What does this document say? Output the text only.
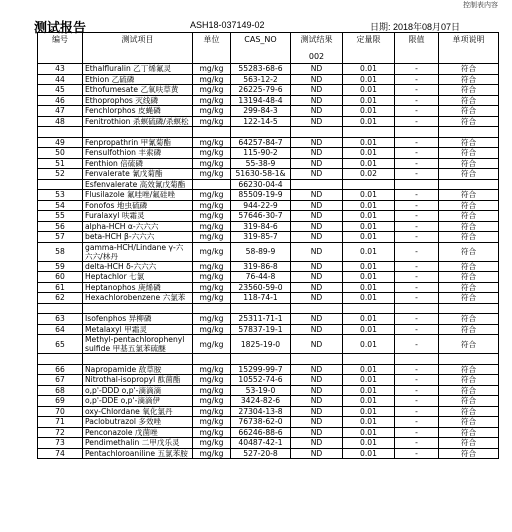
控制表内容
测试报告	ASH18-037149-02	日期: 2018年08月07日
编号	测试项目	单位	CAS_NO	测试结果	定量限	限值	单项说明
				002			
43	Ethalfluralin 乙丁烯氟灵	mg/kg	55283-68-6	ND	0.01	-	符合
44	Ethion 乙硫磷	mg/kg	563-12-2	ND	0.01	-	符合
45	Ethofumesate 乙氧呋草黄	mg/kg	26225-79-6	ND	0.01	-	符合
46	Ethoprophos 灭线磷	mg/kg	13194-48-4	ND	0.01	-	符合
47	Fenchlorphos 皮蝇磷	mg/kg	299-84-3	ND	0.01	-	符合
48	Fenitrothion 杀螟硫磷/杀螟松	mg/kg	122-14-5	ND	0.01	-	符合

49	Fenpropathrin 甲氰菊酯	mg/kg	64257-84-7	ND	0.01	-	符合
50	Fensulfothion 丰索磷	mg/kg	115-90-2	ND	0.01	-	符合
51	Fenthion 倍硫磷	mg/kg	55-38-9	ND	0.01	-	符合
52	Fenvalerate 氰戊菊酯	mg/kg	51630-58-1&	ND	0.02	-	符合
	Esfenvalerate 高效氰戊菊酯		66230-04-4				
53	Flusilazole 氟哇唑/氟硅唑	mg/kg	85509-19-9	ND	0.01	-	符合
54	Fonofos 地虫硫磷	mg/kg	944-22-9	ND	0.01	-	符合
55	Furalaxyl 呋霜灵	mg/kg	57646-30-7	ND	0.01	-	符合
56	alpha-HCH α-六六六	mg/kg	319-84-6	ND	0.01	-	符合
57	beta-HCH β-六六六	mg/kg	319-85-7	ND	0.01	-	符合
58	gamma-HCH/Lindane γ-六六六/林丹	mg/kg	58-89-9	ND	0.01	-	符合
59	delta-HCH δ-六六六	mg/kg	319-86-8	ND	0.01	-	符合
60	Heptachlor 七氯	mg/kg	76-44-8	ND	0.01	-	符合
61	Heptanophos 庚烯磷	mg/kg	23560-59-0	ND	0.01	-	符合
62	Hexachlorobenzene 六氯苯	mg/kg	118-74-1	ND	0.01	-	符合

63	Isofenphos 异柳磷	mg/kg	25311-71-1	ND	0.01	-	符合
64	Metalaxyl 甲霜灵	mg/kg	57837-19-1	ND	0.01	-	符合
65	Methyl-pentachlorophenyl sulfide 甲基五氯苯硫醚	mg/kg	1825-19-0	ND	0.01	-	符合

66	Napropamide 敌草胺	mg/kg	15299-99-7	ND	0.01	-	符合
67	Nitrothal-isopropyl 酞菌酯	mg/kg	10552-74-6	ND	0.01	-	符合
68	o,p'-DDD o,p'-滴滴滴	mg/kg	53-19-0	ND	0.01	-	符合
69	o,p'-DDE o,p'-滴滴伊	mg/kg	3424-82-6	ND	0.01	-	符合
70	oxy-Chlordane 氧化氯丹	mg/kg	27304-13-8	ND	0.01	-	符合
71	Paclobutrazol 多效唑	mg/kg	76738-62-0	ND	0.01	-	符合
72	Penconazole 戊菌唑	mg/kg	66246-88-6	ND	0.01	-	符合
73	Pendimethalin 二甲戊乐灵	mg/kg	40487-42-1	ND	0.01	-	符合
74	Pentachloroaniline 五氯苯胺	mg/kg	527-20-8	ND	0.01	-	符合
